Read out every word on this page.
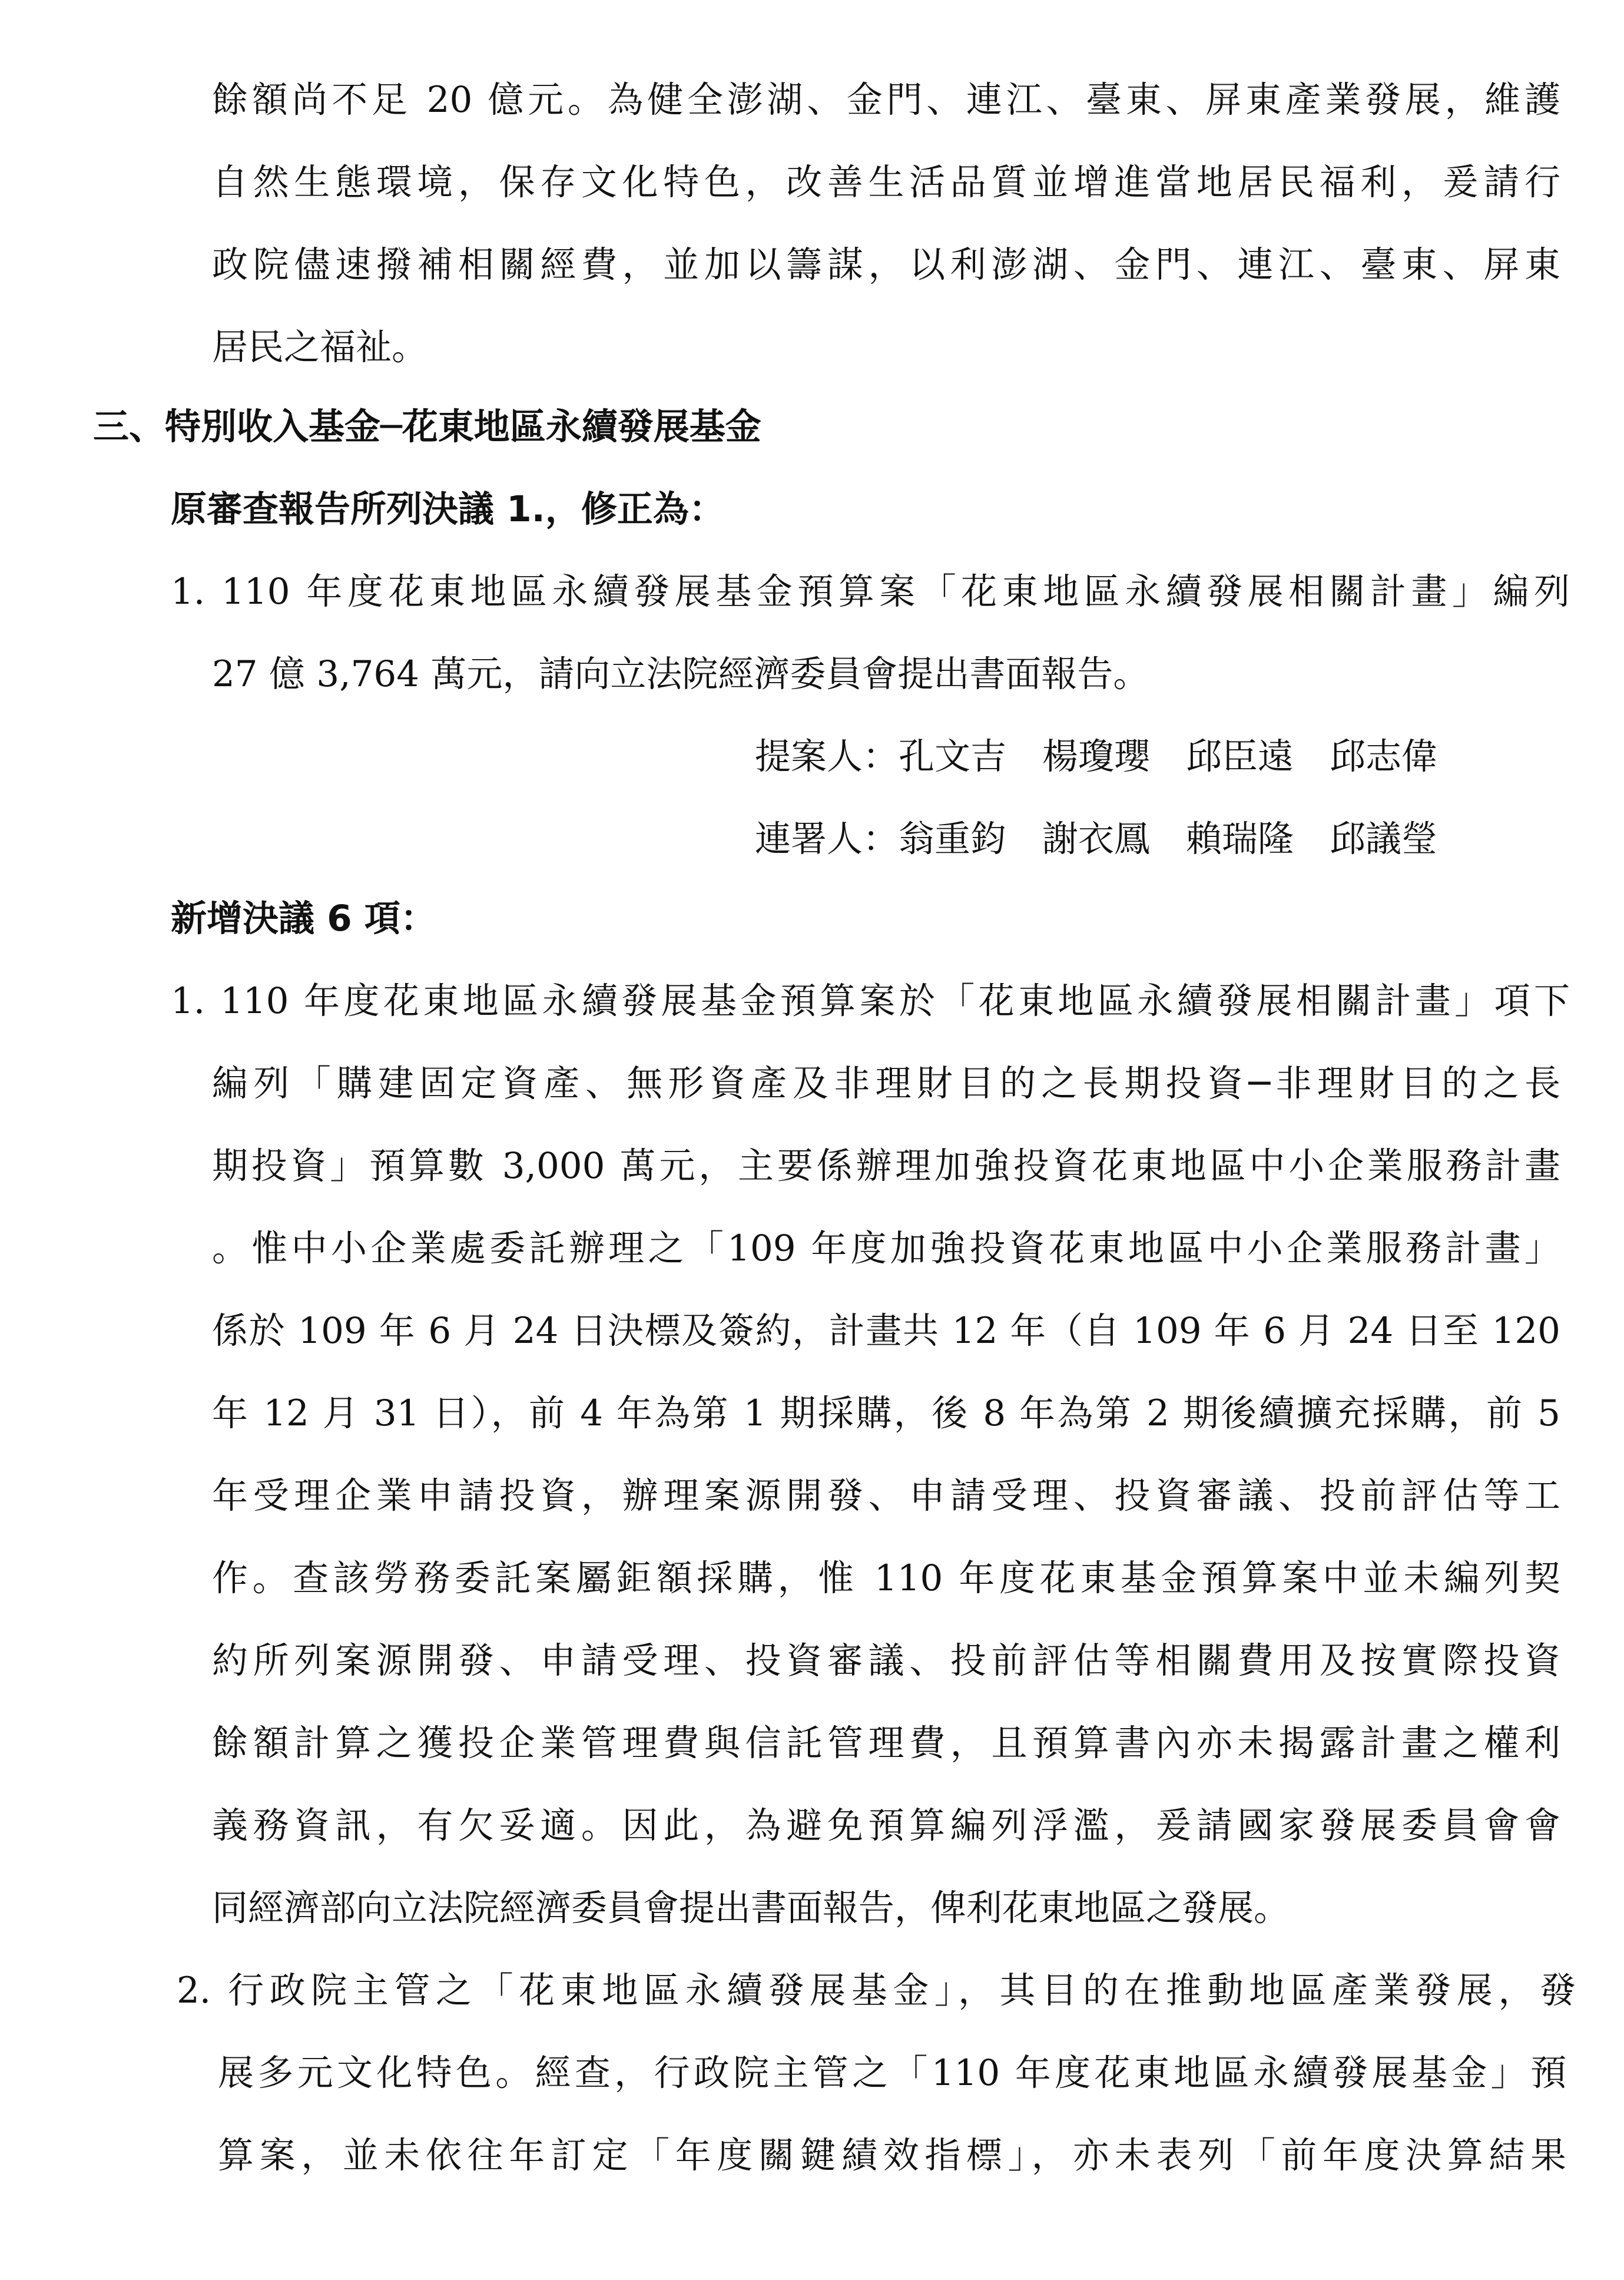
餘額尚不足 20 億元。為健全澎湖、金門、連江、臺東、屏東產業發展，維護
自然生態環境，保存文化特色，改善生活品質並增進當地居民福利，爰請行
政院儘速撥補相關經費，並加以籌謀，以利澎湖、金門、連江、臺東、屏東
居民之福祉。
三、特別收入基金─花東地區永續發展基金
原審查報告所列決議 1.，修正為：
1. 110 年度花東地區永續發展基金預算案「花東地區永續發展相關計畫」編列
27 億 3,764 萬元，請向立法院經濟委員會提出書面報告。
提案人：孔文吉　楊瓊瓔　邱臣遠　邱志偉
連署人：翁重鈞　謝衣鳳　賴瑞隆　邱議瑩
新增決議 6 項：
1. 110 年度花東地區永續發展基金預算案於「花東地區永續發展相關計畫」項下
編列「購建固定資產、無形資產及非理財目的之長期投資─非理財目的之長
期投資」預算數 3,000 萬元，主要係辦理加強投資花東地區中小企業服務計畫
。惟中小企業處委託辦理之「109 年度加強投資花東地區中小企業服務計畫」
係於 109 年 6 月 24 日決標及簽約，計畫共 12 年（自 109 年 6 月 24 日至 120
年 12 月 31 日），前 4 年為第 1 期採購，後 8 年為第 2 期後續擴充採購，前 5
年受理企業申請投資，辦理案源開發、申請受理、投資審議、投前評估等工
作。查該勞務委託案屬鉅額採購，惟 110 年度花東基金預算案中並未編列契
約所列案源開發、申請受理、投資審議、投前評估等相關費用及按實際投資
餘額計算之獲投企業管理費與信託管理費，且預算書內亦未揭露計畫之權利
義務資訊，有欠妥適。因此，為避免預算編列浮濫，爰請國家發展委員會會
同經濟部向立法院經濟委員會提出書面報告，俾利花東地區之發展。
2. 行政院主管之「花東地區永續發展基金」，其目的在推動地區產業發展，發
展多元文化特色。經查，行政院主管之「110 年度花東地區永續發展基金」預
算案，並未依往年訂定「年度關鍵績效指標」，亦未表列「前年度決算結果
